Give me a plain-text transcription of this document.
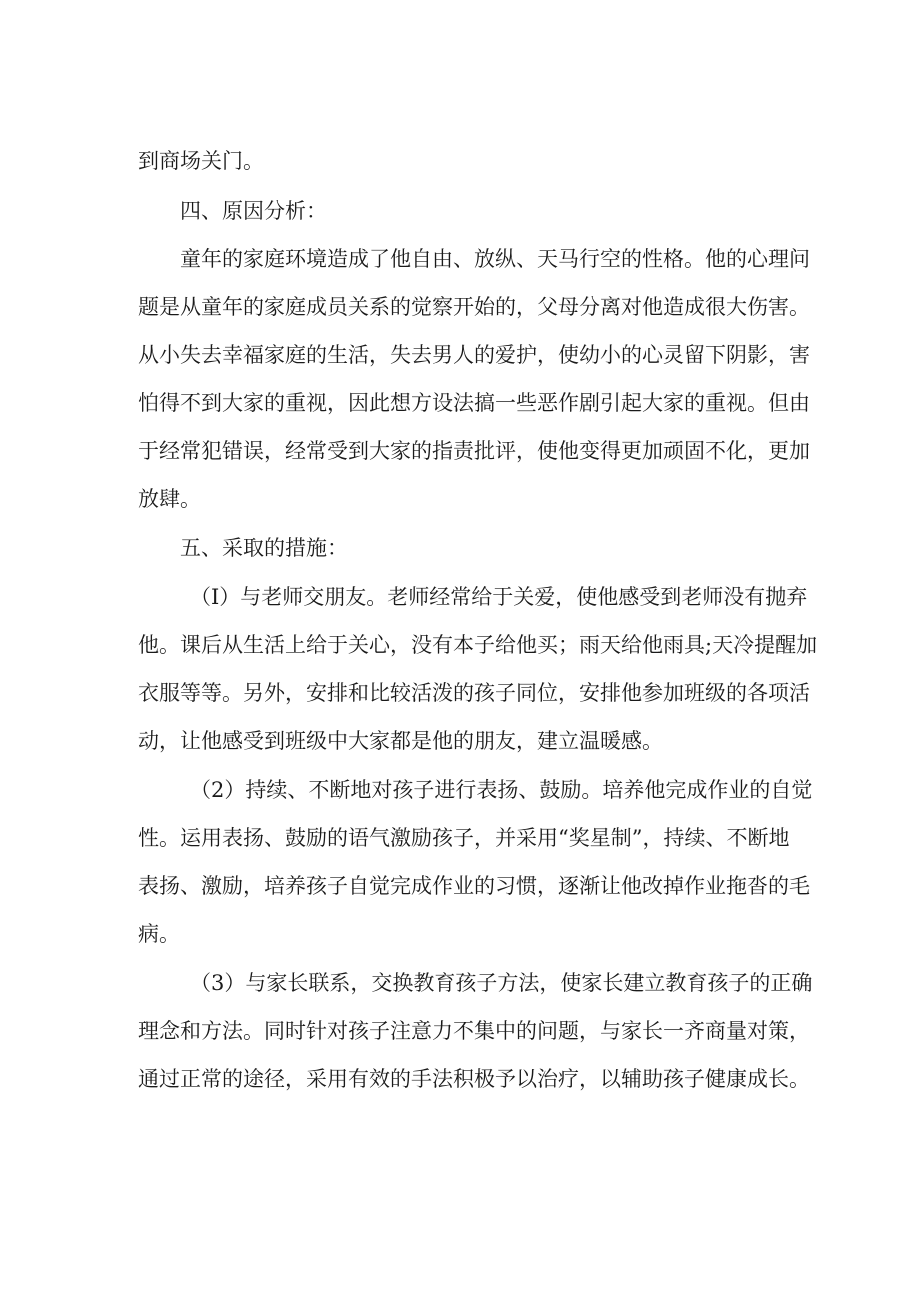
到商场关门。

四、原因分析：

童年的家庭环境造成了他自由、放纵、天马行空的性格。他的心理问

题是从童年的家庭成员关系的觉察开始的，父母分离对他造成很大伤害。

从小失去幸福家庭的生活，失去男人的爱护，使幼小的心灵留下阴影，害

怕得不到大家的重视，因此想方设法搞一些恶作剧引起大家的重视。但由

于经常犯错误，经常受到大家的指责批评，使他变得更加顽固不化，更加

放肆。

五、采取的措施：

（I）与老师交朋友。老师经常给于关爱，使他感受到老师没有抛弃

他。课后从生活上给于关心，没有本子给他买；雨天给他雨具;天冷提醒加

衣服等等。另外，安排和比较活泼的孩子同位，安排他参加班级的各项活

动，让他感受到班级中大家都是他的朋友，建立温暖感。

（2）持续、不断地对孩子进行表扬、鼓励。培养他完成作业的自觉

性。运用表扬、鼓励的语气激励孩子，并采用“奖星制”，持续、不断地

表扬、激励，培养孩子自觉完成作业的习惯，逐渐让他改掉作业拖沓的毛

病。

（3）与家长联系，交换教育孩子方法，使家长建立教育孩子的正确

理念和方法。同时针对孩子注意力不集中的问题，与家长一齐商量对策，

通过正常的途径，采用有效的手法积极予以治疗，以辅助孩子健康成长。
